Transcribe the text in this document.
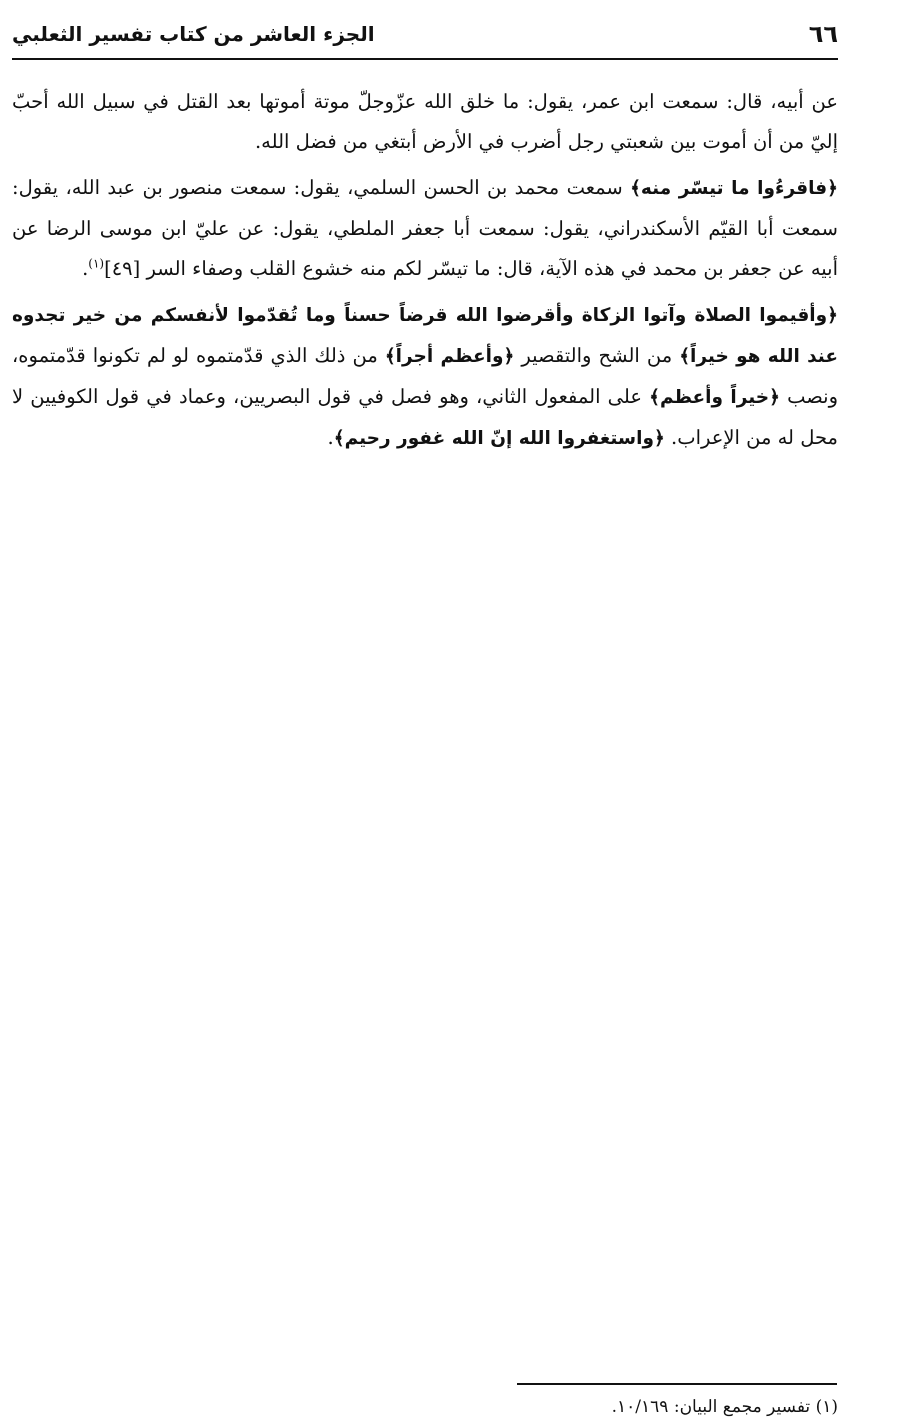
٦٦
الجزء العاشر من كتاب تفسير الثعلبي

عن أبيه، قال: سمعت ابن عمر، يقول: ما خلق الله عزّوجلّ موتة أموتها بعد القتل في سبيل الله أحبّ إليّ من أن أموت بين شعبتي رجل أضرب في الأرض أبتغي من فضل الله.

﴿فاقرءُوا ما تيسّر منه﴾ سمعت محمد بن الحسن السلمي، يقول: سمعت منصور بن عبد الله، يقول: سمعت أبا القيّم الأسكندراني، يقول: سمعت أبا جعفر الملطي، يقول: عن عليّ ابن موسى الرضا عن أبيه عن جعفر بن محمد في هذه الآية، قال: ما تيسّر لكم منه خشوع القلب وصفاء السر [٤٩]$^{(١)}$.

﴿وأقيموا الصلاة وآتوا الزكاة وأقرضوا الله قرضاً حسناً وما تُقدّموا لأنفسكم من خير تجدوه عند الله هو خيراً﴾ من الشح والتقصير ﴿وأعظم أجراً﴾ من ذلك الذي قدّمتموه لو لم تكونوا قدّمتموه، ونصب ﴿خيراً وأعظم﴾ على المفعول الثاني، وهو فصل في قول البصريين، وعماد في قول الكوفيين لا محل له من الإعراب. ﴿واستغفروا الله إنّ الله غفور رحيم﴾.

(١) تفسير مجمع البيان: ١٠/١٦٩.
